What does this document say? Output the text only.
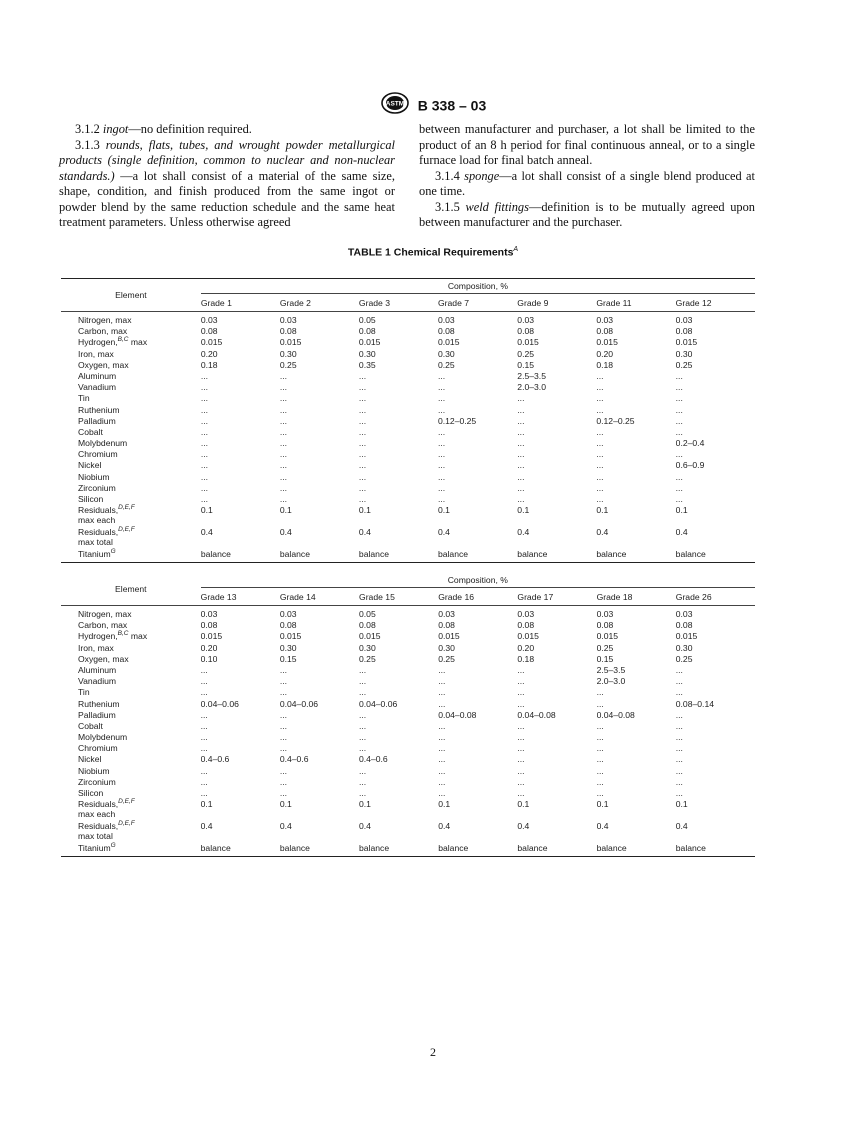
ASTM B 338 – 03

3.1.2 ingot—no definition required.

3.1.3 rounds, flats, tubes, and wrought powder metallurgical products (single definition, common to nuclear and non-nuclear standards.) —a lot shall consist of a material of the same size, shape, condition, and finish produced from the same ingot or powder blend by the same reduction schedule and the same heat treatment parameters. Unless otherwise agreed

between manufacturer and purchaser, a lot shall be limited to the product of an 8 h period for final continuous anneal, or to a single furnace load for final batch anneal.

3.1.4 sponge—a lot shall consist of a single blend produced at one time.

3.1.5 weld fittings—definition is to be mutually agreed upon between manufacturer and the purchaser.

TABLE 1 Chemical Requirements$^A$
Element	Composition, %						
	Grade 1	Grade 2	Grade 3	Grade 7	Grade 9	Grade 11	Grade 12
Nitrogen, max	0.03	0.03	0.05	0.03	0.03	0.03	0.03
Carbon, max	0.08	0.08	0.08	0.08	0.08	0.08	0.08
Hydrogen,$^{B,C}$ max	0.015	0.015	0.015	0.015	0.015	0.015	0.015
Iron, max	0.20	0.30	0.30	0.30	0.25	0.20	0.30
Oxygen, max	0.18	0.25	0.35	0.25	0.15	0.18	0.25
Aluminum	...	...	...	...	2.5–3.5	...	...
Vanadium	...	...	...	...	2.0–3.0	...	...
Tin	...	...	...	...	...	...	...
Ruthenium	...	...	...	...	...	...	...
Palladium	...	...	...	0.12–0.25	...	0.12–0.25	...
Cobalt	...	...	...	...	...	...	...
Molybdenum	...	...	...	...	...	...	0.2–0.4
Chromium	...	...	...	...	...	...	...
Nickel	...	...	...	...	...	...	0.6–0.9
Niobium	...	...	...	...	...	...	...
Zirconium	...	...	...	...	...	...	...
Silicon	...	...	...	...	...	...	...
Residuals,$^{D,E,F}$
max each	0.1	0.1	0.1	0.1	0.1	0.1	0.1
Residuals,$^{D,E,F}$
max total	0.4	0.4	0.4	0.4	0.4	0.4	0.4
Titanium$^G$	balance	balance	balance	balance	balance	balance	balance
Element	Composition, %						
	Grade 13	Grade 14	Grade 15	Grade 16	Grade 17	Grade 18	Grade 26
Nitrogen, max	0.03	0.03	0.05	0.03	0.03	0.03	0.03
Carbon, max	0.08	0.08	0.08	0.08	0.08	0.08	0.08
Hydrogen,$^{B,C}$ max	0.015	0.015	0.015	0.015	0.015	0.015	0.015
Iron, max	0.20	0.30	0.30	0.30	0.20	0.25	0.30
Oxygen, max	0.10	0.15	0.25	0.25	0.18	0.15	0.25
Aluminum	...	...	...	...	...	2.5–3.5	...
Vanadium	...	...	...	...	...	2.0–3.0	...
Tin	...	...	...	...	...	...	...
Ruthenium	0.04–0.06	0.04–0.06	0.04–0.06	...	...	...	0.08–0.14
Palladium	...	...	...	0.04–0.08	0.04–0.08	0.04–0.08	...
Cobalt	...	...	...	...	...	...	...
Molybdenum	...	...	...	...	...	...	...
Chromium	...	...	...	...	...	...	...
Nickel	0.4–0.6	0.4–0.6	0.4–0.6	...	...	...	...
Niobium	...	...	...	...	...	...	...
Zirconium	...	...	...	...	...	...	...
Silicon	...	...	...	...	...	...	...
Residuals,$^{D,E,F}$
max each	0.1	0.1	0.1	0.1	0.1	0.1	0.1
Residuals,$^{D,E,F}$
max total	0.4	0.4	0.4	0.4	0.4	0.4	0.4
Titanium$^G$	balance	balance	balance	balance	balance	balance	balance
2
